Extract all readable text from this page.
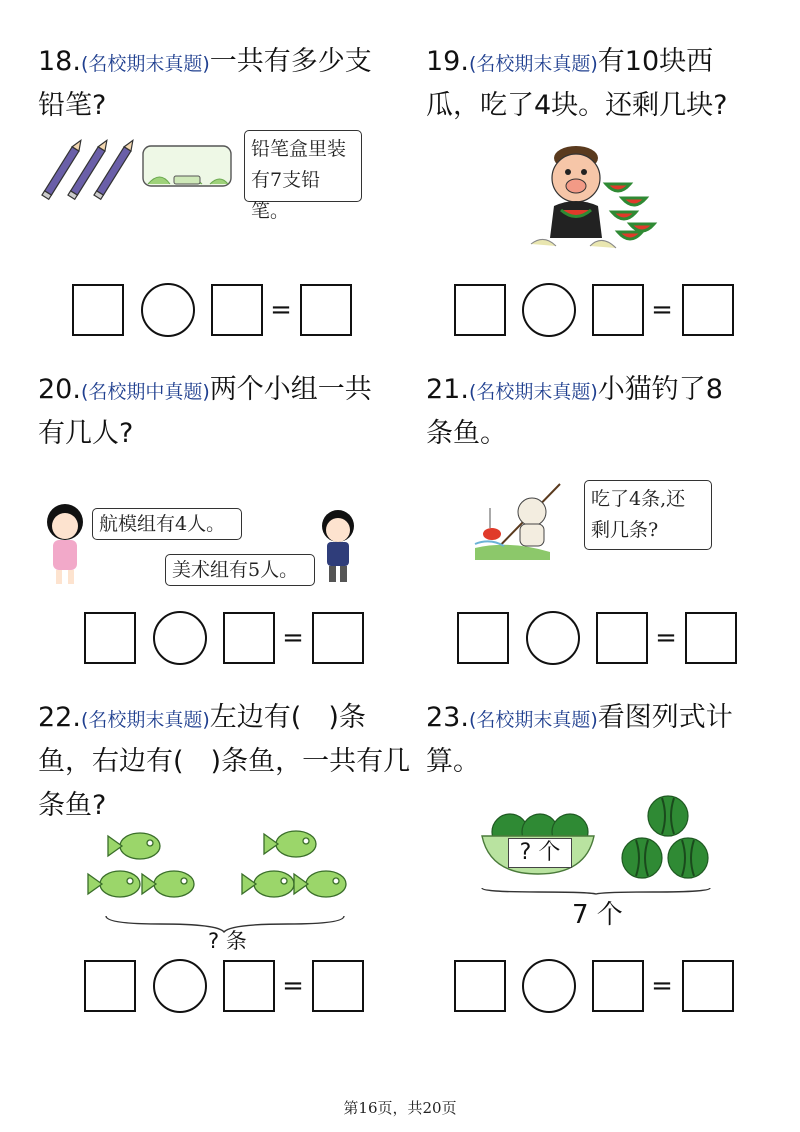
18.(名校期末真题)一共有多少支
铅笔?
铅笔盒里装
有7支铅笔。
=
19.(名校期末真题)有10块西
瓜，吃了4块。还剩几块?
=
20.(名校期中真题)两个小组一共
有几人?
航模组有4人。
美术组有5人。
=
21.(名校期末真题)小猫钓了8
条鱼。
吃了4条,还
剩几条?
=
22.(名校期末真题)左边有(　)条
鱼，右边有(　)条鱼，一共有几
条鱼?
? 条
=
23.(名校期末真题)看图列式计
算。
? 个
7 个
=
第16页，共20页
